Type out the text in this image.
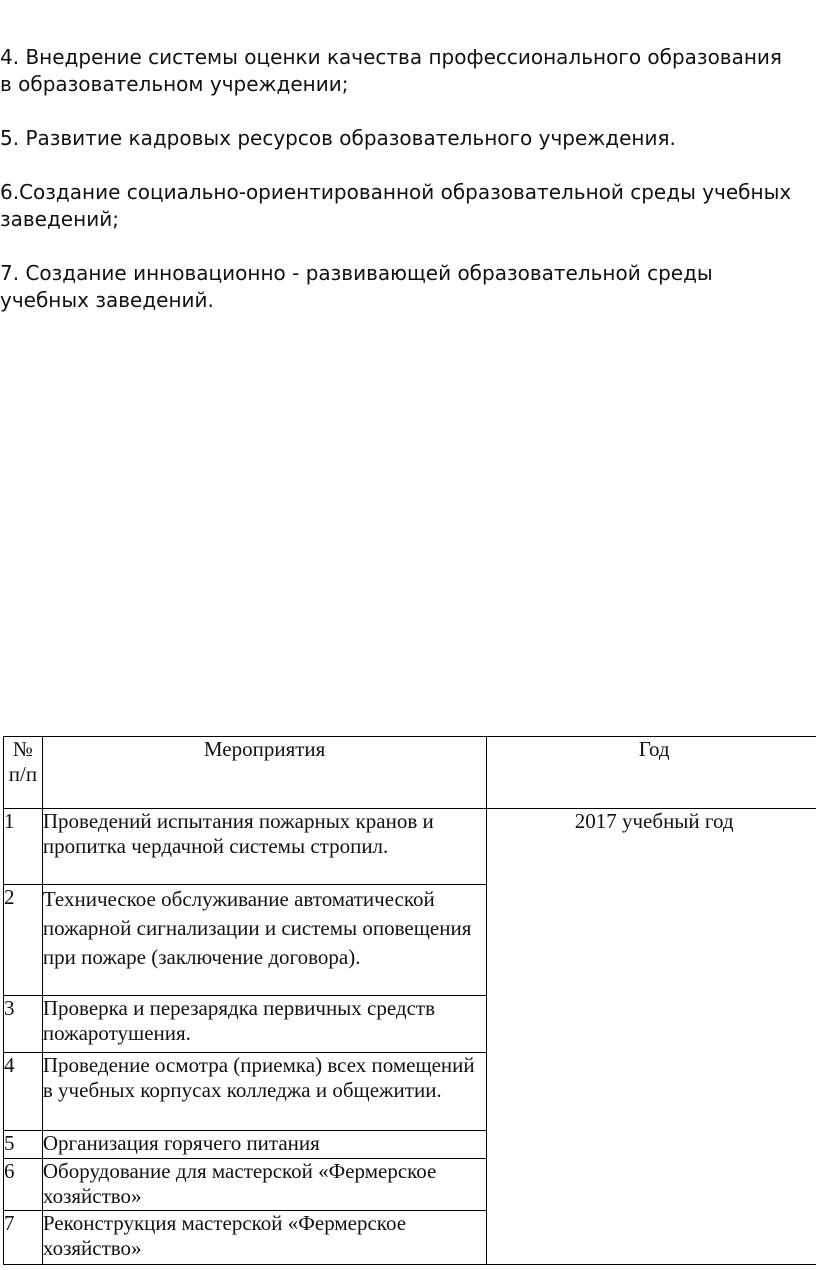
4. Внедрение системы оценки качества профессионального образования в образовательном учреждении;

5. Развитие кадровых ресурсов образовательного учреждения.

6.Создание социально-ориентированной образовательной среды учебных заведений;

7. Создание инновационно - развивающей образовательной среды учебных заведений.

№ п/п	Мероприятия	Год
1	Проведений испытания пожарных кранов и пропитка чердачной системы стропил.	2017 учебный год
2	Техническое обслуживание автоматической пожарной сигнализации и системы оповещения при пожаре (заключение договора).	
3	Проверка и перезарядка первичных средств пожаротушения.	
4	Проведение осмотра (приемка) всех помещений в учебных корпусах колледжа и общежитии.	
5	Организация горячего питания	
6	Оборудование для мастерской «Фермерское хозяйство»	
7	Реконструкция мастерской «Фермерское хозяйство»	
